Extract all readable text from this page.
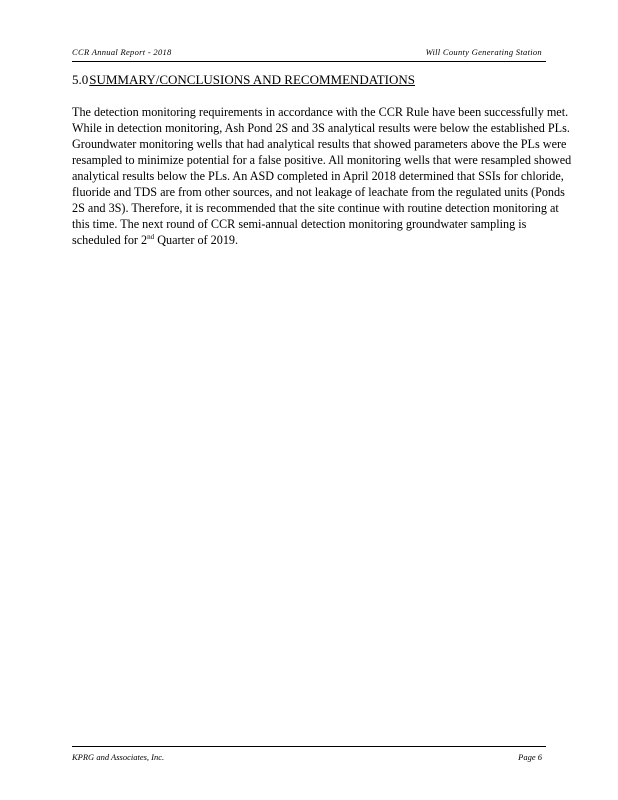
CCR Annual Report - 2018	Will County Generating Station
5.0SUMMARY/CONCLUSIONS AND RECOMMENDATIONS
The detection monitoring requirements in accordance with the CCR Rule have been successfully met. While in detection monitoring, Ash Pond 2S and 3S analytical results were below the established PLs. Groundwater monitoring wells that had analytical results that showed parameters above the PLs were resampled to minimize potential for a false positive. All monitoring wells that were resampled showed analytical results below the PLs. An ASD completed in April 2018 determined that SSIs for chloride, fluoride and TDS are from other sources, and not leakage of leachate from the regulated units (Ponds 2S and 3S). Therefore, it is recommended that the site continue with routine detection monitoring at this time. The next round of CCR semi-annual detection monitoring groundwater sampling is scheduled for 2nd Quarter of 2019.
KPRG and Associates, Inc.	Page 6
